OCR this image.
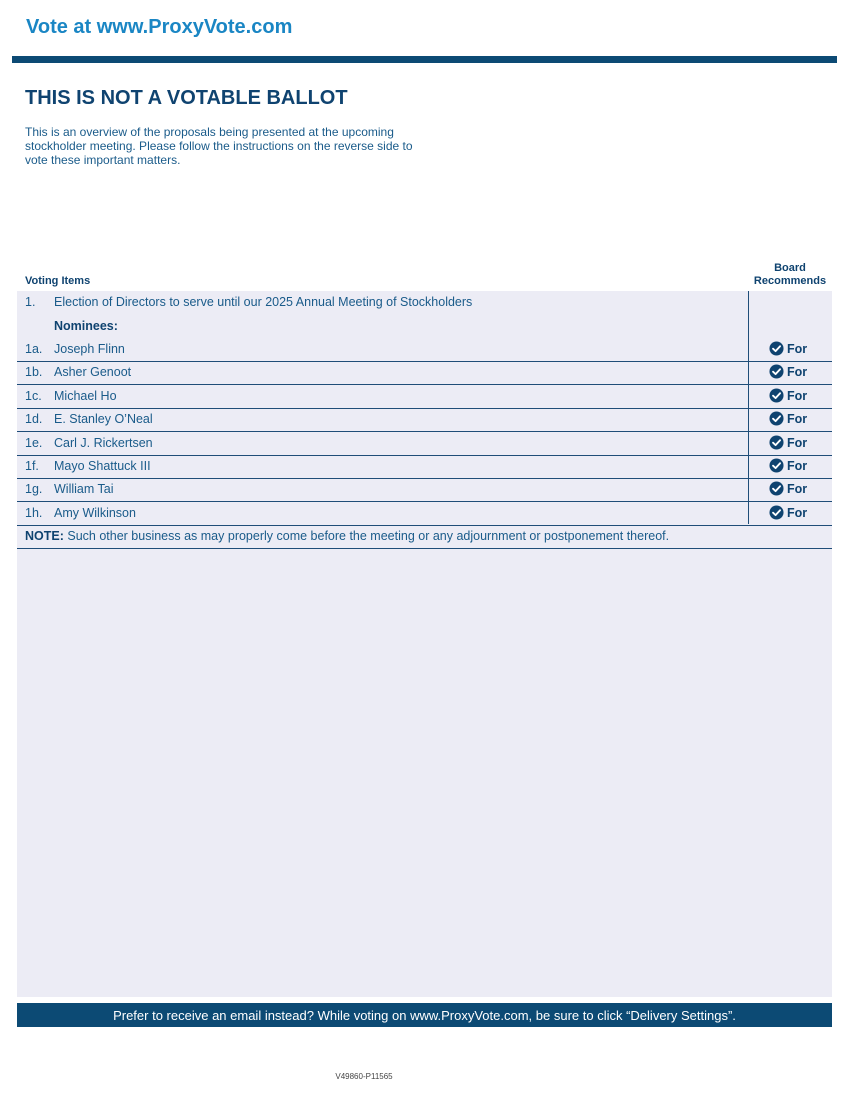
Vote at www.ProxyVote.com
THIS IS NOT A VOTABLE BALLOT
This is an overview of the proposals being presented at the upcoming stockholder meeting. Please follow the instructions on the reverse side to vote these important matters.
Voting Items
Board
Recommends
1. Election of Directors to serve until our 2025 Annual Meeting of Stockholders
Nominees:
1a. Joseph Flinn	For
1b. Asher Genoot	For
1c. Michael Ho	For
1d. E. Stanley O’Neal	For
1e. Carl J. Rickertsen	For
1f. Mayo Shattuck III	For
1g. William Tai	For
1h. Amy Wilkinson	For
NOTE: Such other business as may properly come before the meeting or any adjournment or postponement thereof.
Prefer to receive an email instead? While voting on www.ProxyVote.com, be sure to click “Delivery Settings”.
V49860-P11565
